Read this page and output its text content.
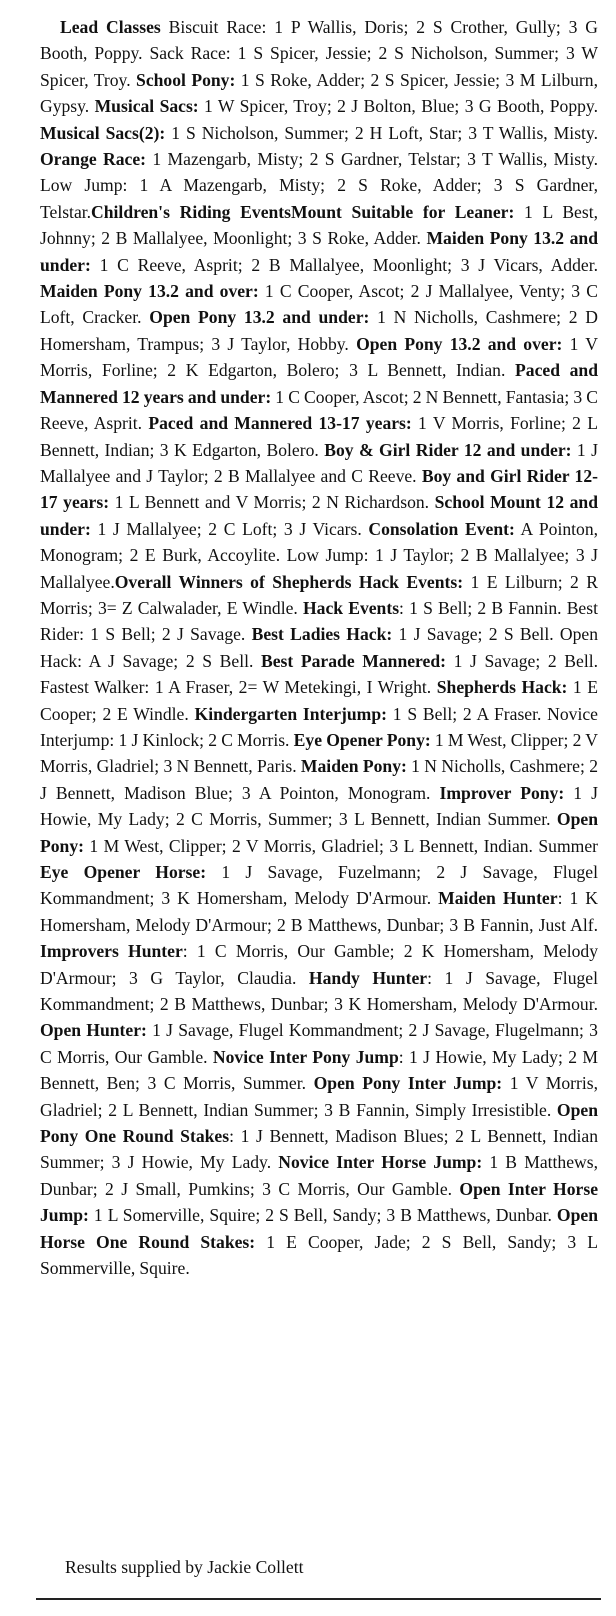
Lead Classes Biscuit Race: 1 P Wallis, Doris; 2 S Crother, Gully; 3 G Booth, Poppy. Sack Race: 1 S Spicer, Jessie; 2 S Nicholson, Summer; 3 W Spicer, Troy. School Pony: 1 S Roke, Adder; 2 S Spicer, Jessie; 3 M Lilburn, Gypsy. Musical Sacs: 1 W Spicer, Troy; 2 J Bolton, Blue; 3 G Booth, Poppy. Musical Sacs(2): 1 S Nicholson, Summer; 2 H Loft, Star; 3 T Wallis, Misty. Orange Race: 1 Mazengarb, Misty; 2 S Gardner, Telstar; 3 T Wallis, Misty. Low Jump: 1 A Mazengarb, Misty; 2 S Roke, Adder; 3 S Gardner, Telstar.Children's Riding EventsMount Suitable for Leaner: 1 L Best, Johnny; 2 B Mallalyee, Moonlight; 3 S Roke, Adder. Maiden Pony 13.2 and under: 1 C Reeve, Asprit; 2 B Mallalyee, Moonlight; 3 J Vicars, Adder. Maiden Pony 13.2 and over: 1 C Cooper, Ascot; 2 J Mallalyee, Venty; 3 C Loft, Cracker. Open Pony 13.2 and under: 1 N Nicholls, Cashmere; 2 D Homersham, Trampus; 3 J Taylor, Hobby. Open Pony 13.2 and over: 1 V Morris, Forline; 2 K Edgarton, Bolero; 3 L Bennett, Indian. Paced and Mannered 12 years and under: 1 C Cooper, Ascot; 2 N Bennett, Fantasia; 3 C Reeve, Asprit. Paced and Mannered 13-17 years: 1 V Morris, Forline; 2 L Bennett, Indian; 3 K Edgarton, Bolero. Boy & Girl Rider 12 and under: 1 J Mallalyee and J Taylor; 2 B Mallalyee and C Reeve. Boy and Girl Rider 12-17 years: 1 L Bennett and V Morris; 2 N Richardson. School Mount 12 and under: 1 J Mallalyee; 2 C Loft; 3 J Vicars. Consolation Event: A Pointon, Monogram; 2 E Burk, Accoylite. Low Jump: 1 J Taylor; 2 B Mallalyee; 3 J Mallalyee.Overall Winners of Shepherds Hack Events: 1 E Lilburn; 2 R Morris; 3= Z Calwalader, E Windle. Hack Events: 1 S Bell; 2 B Fannin. Best Rider: 1 S Bell; 2 J Savage. Best Ladies Hack: 1 J Savage; 2 S Bell. Open Hack: A J Savage; 2 S Bell. Best Parade Mannered: 1 J Savage; 2 Bell. Fastest Walker: 1 A Fraser, 2= W Metekingi, I Wright. Shepherds Hack: 1 E Cooper; 2 E Windle. Kindergarten Interjump: 1 S Bell; 2 A Fraser. Novice Interjump: 1 J Kinlock; 2 C Morris. Eye Opener Pony: 1 M West, Clipper; 2 V Morris, Gladriel; 3 N Bennett, Paris. Maiden Pony: 1 N Nicholls, Cashmere; 2 J Bennett, Madison Blue; 3 A Pointon, Monogram. Improver Pony: 1 J Howie, My Lady; 2 C Morris, Summer; 3 L Bennett, Indian Summer. Open Pony: 1 M West, Clipper; 2 V Morris, Gladriel; 3 L Bennett, Indian. Summer Eye Opener Horse: 1 J Savage, Fuzelmann; 2 J Savage, Flugel Kommandment; 3 K Homersham, Melody D'Armour. Maiden Hunter: 1 K Homersham, Melody D'Armour; 2 B Matthews, Dunbar; 3 B Fannin, Just Alf. Improvers Hunter: 1 C Morris, Our Gamble; 2 K Homersham, Melody D'Armour; 3 G Taylor, Claudia. Handy Hunter: 1 J Savage, Flugel Kommandment; 2 B Matthews, Dunbar; 3 K Homersham, Melody D'Armour. Open Hunter: 1 J Savage, Flugel Kommandment; 2 J Savage, Flugelmann; 3 C Morris, Our Gamble. Novice Inter Pony Jump: 1 J Howie, My Lady; 2 M Bennett, Ben; 3 C Morris, Summer. Open Pony Inter Jump: 1 V Morris, Gladriel; 2 L Bennett, Indian Summer; 3 B Fannin, Simply Irresistible. Open Pony One Round Stakes: 1 J Bennett, Madison Blues; 2 L Bennett, Indian Summer; 3 J Howie, My Lady. Novice Inter Horse Jump: 1 B Matthews, Dunbar; 2 J Small, Pumkins; 3 C Morris, Our Gamble. Open Inter Horse Jump: 1 L Somerville, Squire; 2 S Bell, Sandy; 3 B Matthews, Dunbar. Open Horse One Round Stakes: 1 E Cooper, Jade; 2 S Bell, Sandy; 3 L Sommerville, Squire.

Results supplied by Jackie Collett
